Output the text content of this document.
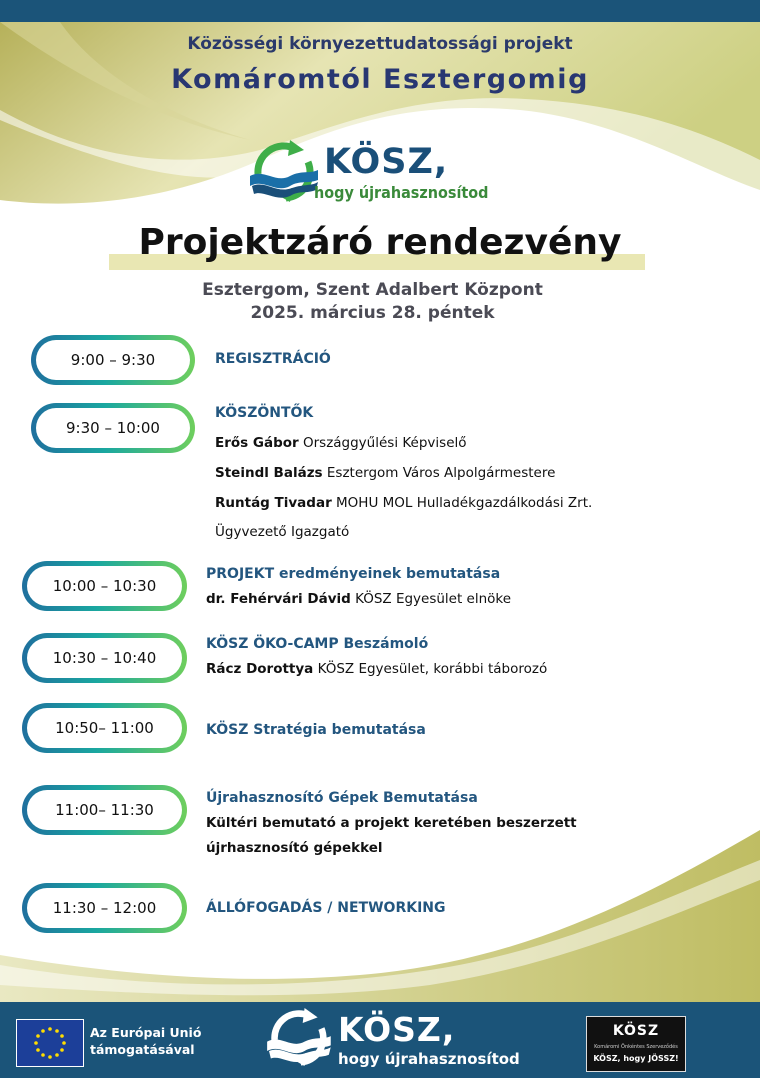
Közösségi környezettudatossági projekt
Komáromtól Esztergomig
KÖSZ,
hogy újrahasznosítod
Projektzáró rendezvény
Esztergom, Szent Adalbert Központ
2025. március 28. péntek
9:00 – 9:30	REGISZTRÁCIÓ
9:30 – 10:00
KÖSZÖNTŐK
Erős Gábor Országgyűlési Képviselő
Steindl Balázs Esztergom Város Alpolgármestere
Runtág Tivadar MOHU MOL Hulladékgazdálkodási Zrt.
Ügyvezető Igazgató
10:00 – 10:30
PROJEKT eredményeinek bemutatása
dr. Fehérvári Dávid KÖSZ Egyesület elnöke
10:30 – 10:40
KÖSZ ÖKO-CAMP Beszámoló
Rácz Dorottya KÖSZ Egyesület, korábbi táborozó
10:50– 11:00	KÖSZ Stratégia bemutatása
11:00– 11:30
Újrahasznosító Gépek Bemutatása
Kültéri bemutató a projekt keretében beszerzett
újrhasznosító gépekkel
11:30 – 12:00	ÁLLÓFOGADÁS / NETWORKING
Az Európai Unió
támogatásával
KÖSZ,
hogy újrahasznosítod
KÖSZ
Komáromi Önkéntes Szerveződés
KÖSZ, hogy JÖSSZ!
